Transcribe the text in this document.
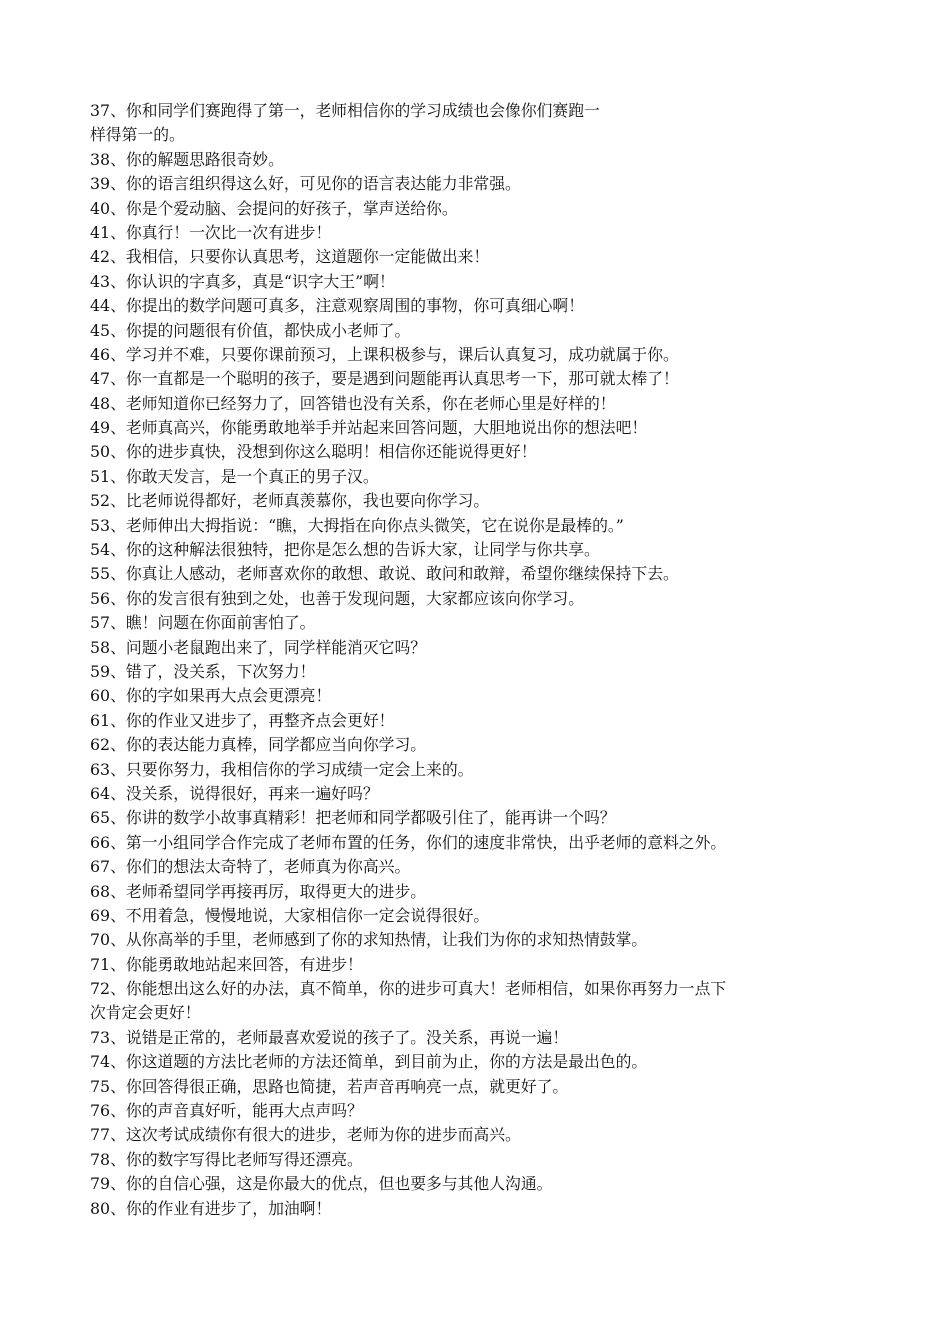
37、你和同学们赛跑得了第一，老师相信你的学习成绩也会像你们赛跑一
样得第一的。
38、你的解题思路很奇妙。
39、你的语言组织得这么好，可见你的语言表达能力非常强。
40、你是个爱动脑、会提问的好孩子，掌声送给你。
41、你真行！一次比一次有进步！
42、我相信，只要你认真思考，这道题你一定能做出来！
43、你认识的字真多，真是“识字大王”啊！
44、你提出的数学问题可真多，注意观察周围的事物，你可真细心啊！
45、你提的问题很有价值，都快成小老师了。
46、学习并不难，只要你课前预习，上课积极参与，课后认真复习，成功就属于你。
47、你一直都是一个聪明的孩子，要是遇到问题能再认真思考一下，那可就太棒了！
48、老师知道你已经努力了，回答错也没有关系，你在老师心里是好样的！
49、老师真高兴，你能勇敢地举手并站起来回答问题，大胆地说出你的想法吧！
50、你的进步真快，没想到你这么聪明！相信你还能说得更好！
51、你敢天发言，是一个真正的男子汉。
52、比老师说得都好，老师真羡慕你，我也要向你学习。
53、老师伸出大拇指说：“瞧，大拇指在向你点头微笑，它在说你是最棒的。”
54、你的这种解法很独特，把你是怎么想的告诉大家，让同学与你共享。
55、你真让人感动，老师喜欢你的敢想、敢说、敢问和敢辩，希望你继续保持下去。
56、你的发言很有独到之处，也善于发现问题，大家都应该向你学习。
57、瞧！问题在你面前害怕了。
58、问题小老鼠跑出来了，同学样能消灭它吗？
59、错了，没关系，下次努力！
60、你的字如果再大点会更漂亮！
61、你的作业又进步了，再整齐点会更好！
62、你的表达能力真棒，同学都应当向你学习。
63、只要你努力，我相信你的学习成绩一定会上来的。
64、没关系，说得很好，再来一遍好吗？
65、你讲的数学小故事真精彩！把老师和同学都吸引住了，能再讲一个吗？
66、第一小组同学合作完成了老师布置的任务，你们的速度非常快，出乎老师的意料之外。
67、你们的想法太奇特了，老师真为你高兴。
68、老师希望同学再接再厉，取得更大的进步。
69、不用着急，慢慢地说，大家相信你一定会说得很好。
70、从你高举的手里，老师感到了你的求知热情，让我们为你的求知热情鼓掌。
71、你能勇敢地站起来回答，有进步！
72、你能想出这么好的办法，真不简单，你的进步可真大！老师相信，如果你再努力一点下
次肯定会更好！
73、说错是正常的，老师最喜欢爱说的孩子了。没关系，再说一遍！
74、你这道题的方法比老师的方法还简单，到目前为止，你的方法是最出色的。
75、你回答得很正确，思路也简捷，若声音再响亮一点，就更好了。
76、你的声音真好听，能再大点声吗？
77、这次考试成绩你有很大的进步，老师为你的进步而高兴。
78、你的数字写得比老师写得还漂亮。
79、你的自信心强，这是你最大的优点，但也要多与其他人沟通。
80、你的作业有进步了，加油啊！
